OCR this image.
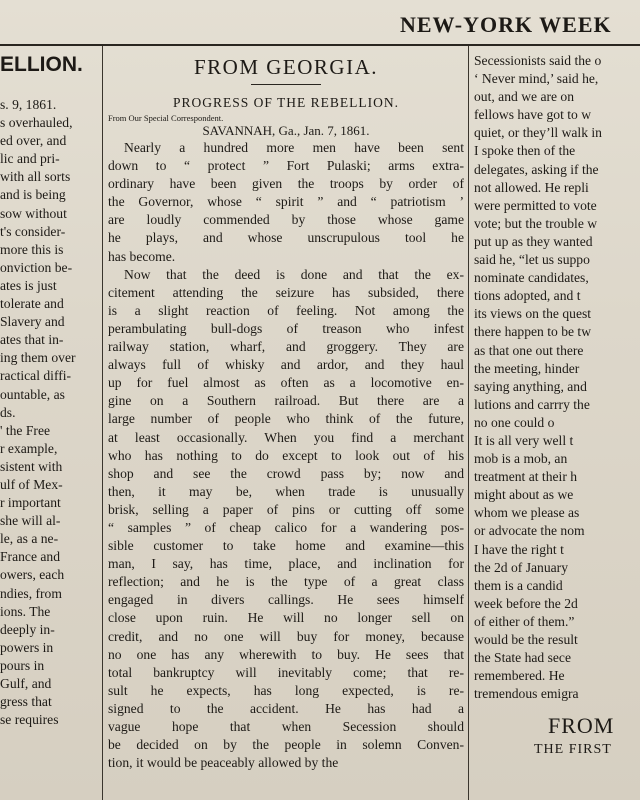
NEW-YORK WEEK
ELLION.
s. 9, 1861.
s overhauled,
ed over, and
lic and pri-
with all sorts
and is being
sow without
t's consider-
more this is
onviction be-
ates is just
tolerate and
Slavery and
ates that in-
ing them over
ractical diffi-
ountable, as
ds.
' the Free
r example,
sistent with
ulf of Mex-
r important
she will al-
le, as a ne-
France and
owers, each
ndies, from
ions. The
deeply in-
powers in
pours in
Gulf, and
gress that
se requires
FROM GEORGIA.
PROGRESS OF THE REBELLION.
From Our Special Correspondent.
SAVANNAH, Ga., Jan. 7, 1861.
Nearly a hundred more men have been sent
down to “ protect ” Fort Pulaski; arms extra-
ordinary have been given the troops by order of
the Governor, whose “ spirit ” and “ patriotism ’
are loudly commended by those whose game
he plays, and whose unscrupulous tool he
has become.
Now that the deed is done and that the ex-
citement attending the seizure has subsided, there
is a slight reaction of feeling. Not among the
perambulating bull-dogs of treason who infest
railway station, wharf, and groggery. They are
always full of whisky and ardor, and they haul
up for fuel almost as often as a locomotive en-
gine on a Southern railroad. But there are a
large number of people who think of the future,
at least occasionally. When you find a merchant
who has nothing to do except to look out of his
shop and see the crowd pass by; now and
then, it may be, when trade is unusually
brisk, selling a paper of pins or cutting off some
“ samples ” of cheap calico for a wandering pos-
sible customer to take home and examine—this
man, I say, has time, place, and inclination for
reflection; and he is the type of a great class
engaged in divers callings. He sees himself
close upon ruin. He will no longer sell on
credit, and no one will buy for money, because
no one has any wherewith to buy. He sees that
total bankruptcy will inevitably come; that re-
sult he expects, has long expected, is re-
signed to the accident. He has had a
vague hope that when Secession should
be decided on by the people in solemn Conven-
tion, it would be peaceably allowed by the
Secessionists said the o
‘ Never mind,’ said he,
out, and we are on
fellows have got to w
quiet, or they’ll walk in
I spoke then of the
delegates, asking if the
not allowed. He repli
were permitted to vote
vote; but the trouble w
put up as they wanted
said he, “let us suppo
nominate candidates,
tions adopted, and t
its views on the quest
there happen to be tw
as that one out there
the meeting, hinder
saying anything, and
lutions and carrry the
no one could o
It is all very well t
mob is a mob, an
treatment at their h
might about as we
whom we please as
or advocate the nom
I have the right t
the 2d of January
them is a candid
week before the 2d
of either of them.”
would be the result
the State had sece
remembered. He
tremendous emigra
FROM
THE FIRST
